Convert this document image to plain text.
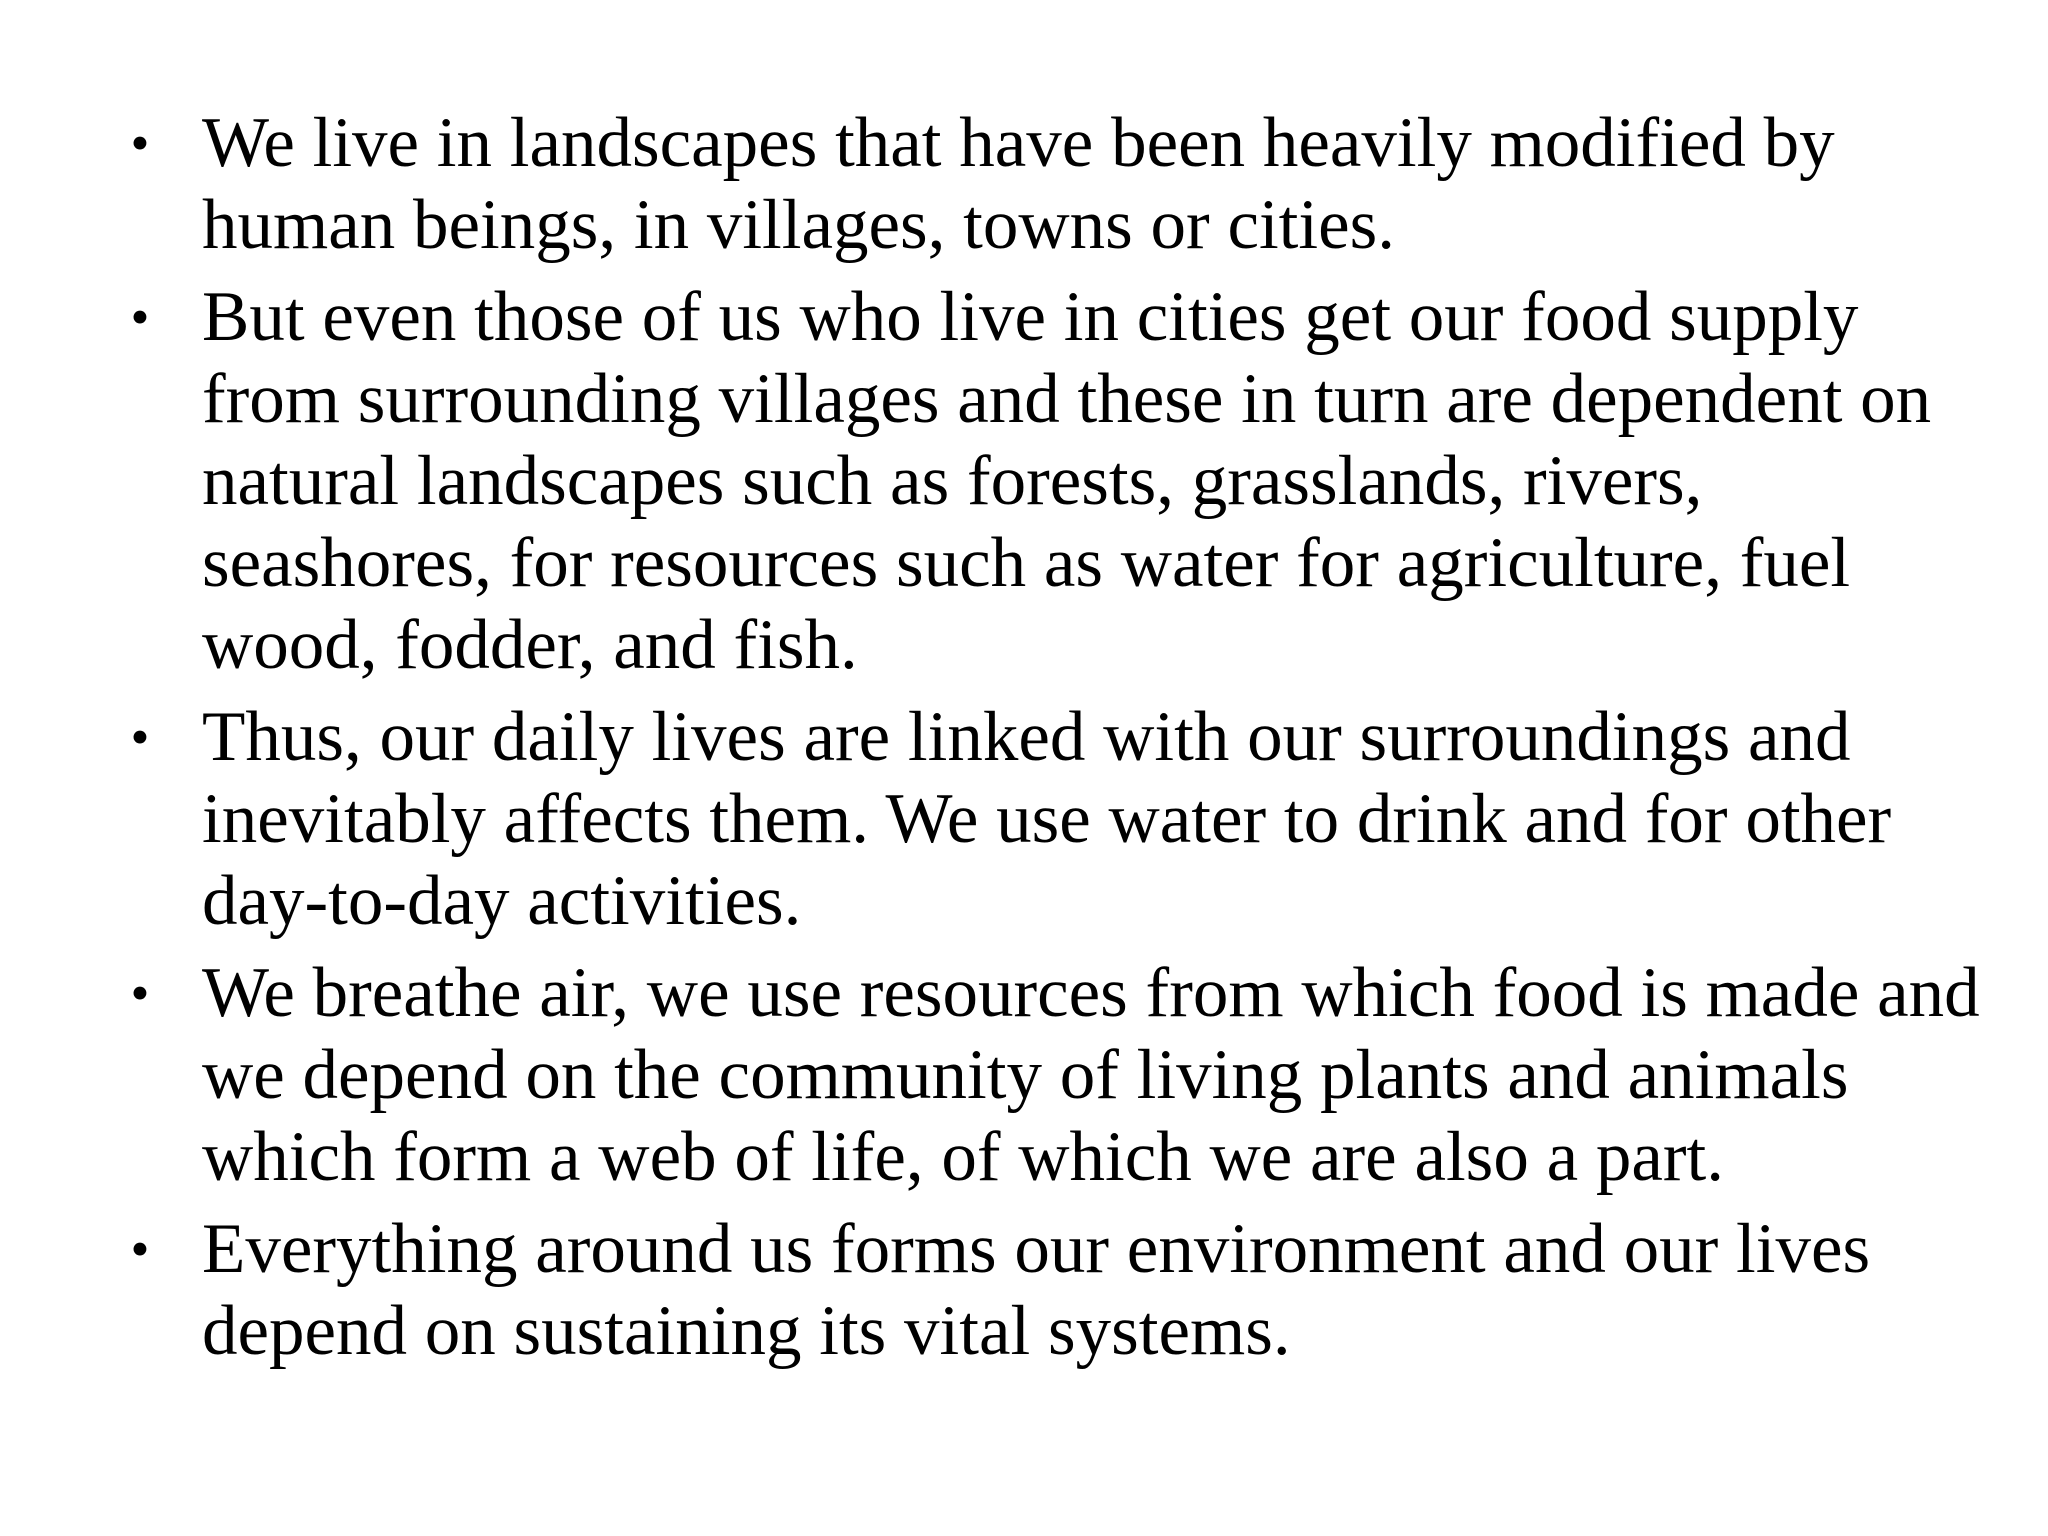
• We live in landscapes that have been heavily modified by
human beings, in villages, towns or cities.
• But even those of us who live in cities get our food supply
from surrounding villages and these in turn are dependent on
natural landscapes such as forests, grasslands, rivers,
seashores, for resources such as water for agriculture, fuel
wood, fodder, and fish.
• Thus, our daily lives are linked with our surroundings and
inevitably affects them. We use water to drink and for other
day-to-day activities.
• We breathe air, we use resources from which food is made and
we depend on the community of living plants and animals
which form a web of life, of which we are also a part.
• Everything around us forms our environment and our lives
depend on sustaining its vital systems.
